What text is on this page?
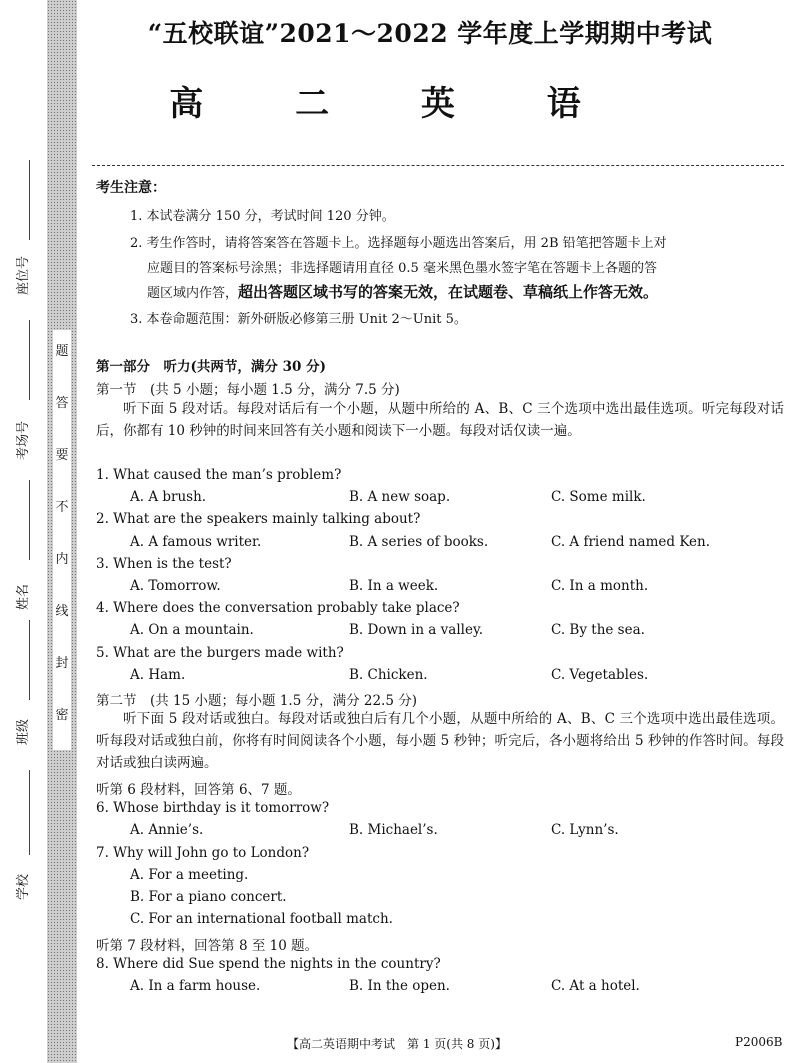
题
答
要
不
内
线
封
密
座位号
考场号
姓名
班级
学校
“五校联谊”2021～2022 学年度上学期期中考试
高 二 英 语
考生注意：
1. 本试卷满分 150 分，考试时间 120 分钟。
2. 考生作答时，请将答案答在答题卡上。选择题每小题选出答案后，用 2B 铅笔把答题卡上对
应题目的答案标号涂黑；非选择题请用直径 0.5 毫米黑色墨水签字笔在答题卡上各题的答
题区域内作答，超出答题区域书写的答案无效，在试题卷、草稿纸上作答无效。
3. 本卷命题范围：新外研版必修第三册 Unit 2～Unit 5。
第一部分　听力(共两节，满分 30 分)
第一节　(共 5 小题；每小题 1.5 分，满分 7.5 分)
听下面 5 段对话。每段对话后有一个小题，从题中所给的 A、B、C 三个选项中选出最佳选项。听完每段对话后，你都有 10 秒钟的时间来回答有关小题和阅读下一小题。每段对话仅读一遍。
1. What caused the man’s problem?
A. A brush.	B. A new soap.	C. Some milk.
2. What are the speakers mainly talking about?
A. A famous writer.	B. A series of books.	C. A friend named Ken.
3. When is the test?
A. Tomorrow.	B. In a week.	C. In a month.
4. Where does the conversation probably take place?
A. On a mountain.	B. Down in a valley.	C. By the sea.
5. What are the burgers made with?
A. Ham.	B. Chicken.	C. Vegetables.
第二节　(共 15 小题；每小题 1.5 分，满分 22.5 分)
听下面 5 段对话或独白。每段对话或独白后有几个小题，从题中所给的 A、B、C 三个选项中选出最佳选项。听每段对话或独白前，你将有时间阅读各个小题，每小题 5 秒钟；听完后，各小题将给出 5 秒钟的作答时间。每段对话或独白读两遍。
听第 6 段材料，回答第 6、7 题。
6. Whose birthday is it tomorrow?
A. Annie’s.	B. Michael’s.	C. Lynn’s.
7. Why will John go to London?
A. For a meeting.
B. For a piano concert.
C. For an international football match.
听第 7 段材料，回答第 8 至 10 题。
8. Where did Sue spend the nights in the country?
A. In a farm house.	B. In the open.	C. At a hotel.
【高二英语期中考试　第 1 页(共 8 页)】	P2006B
